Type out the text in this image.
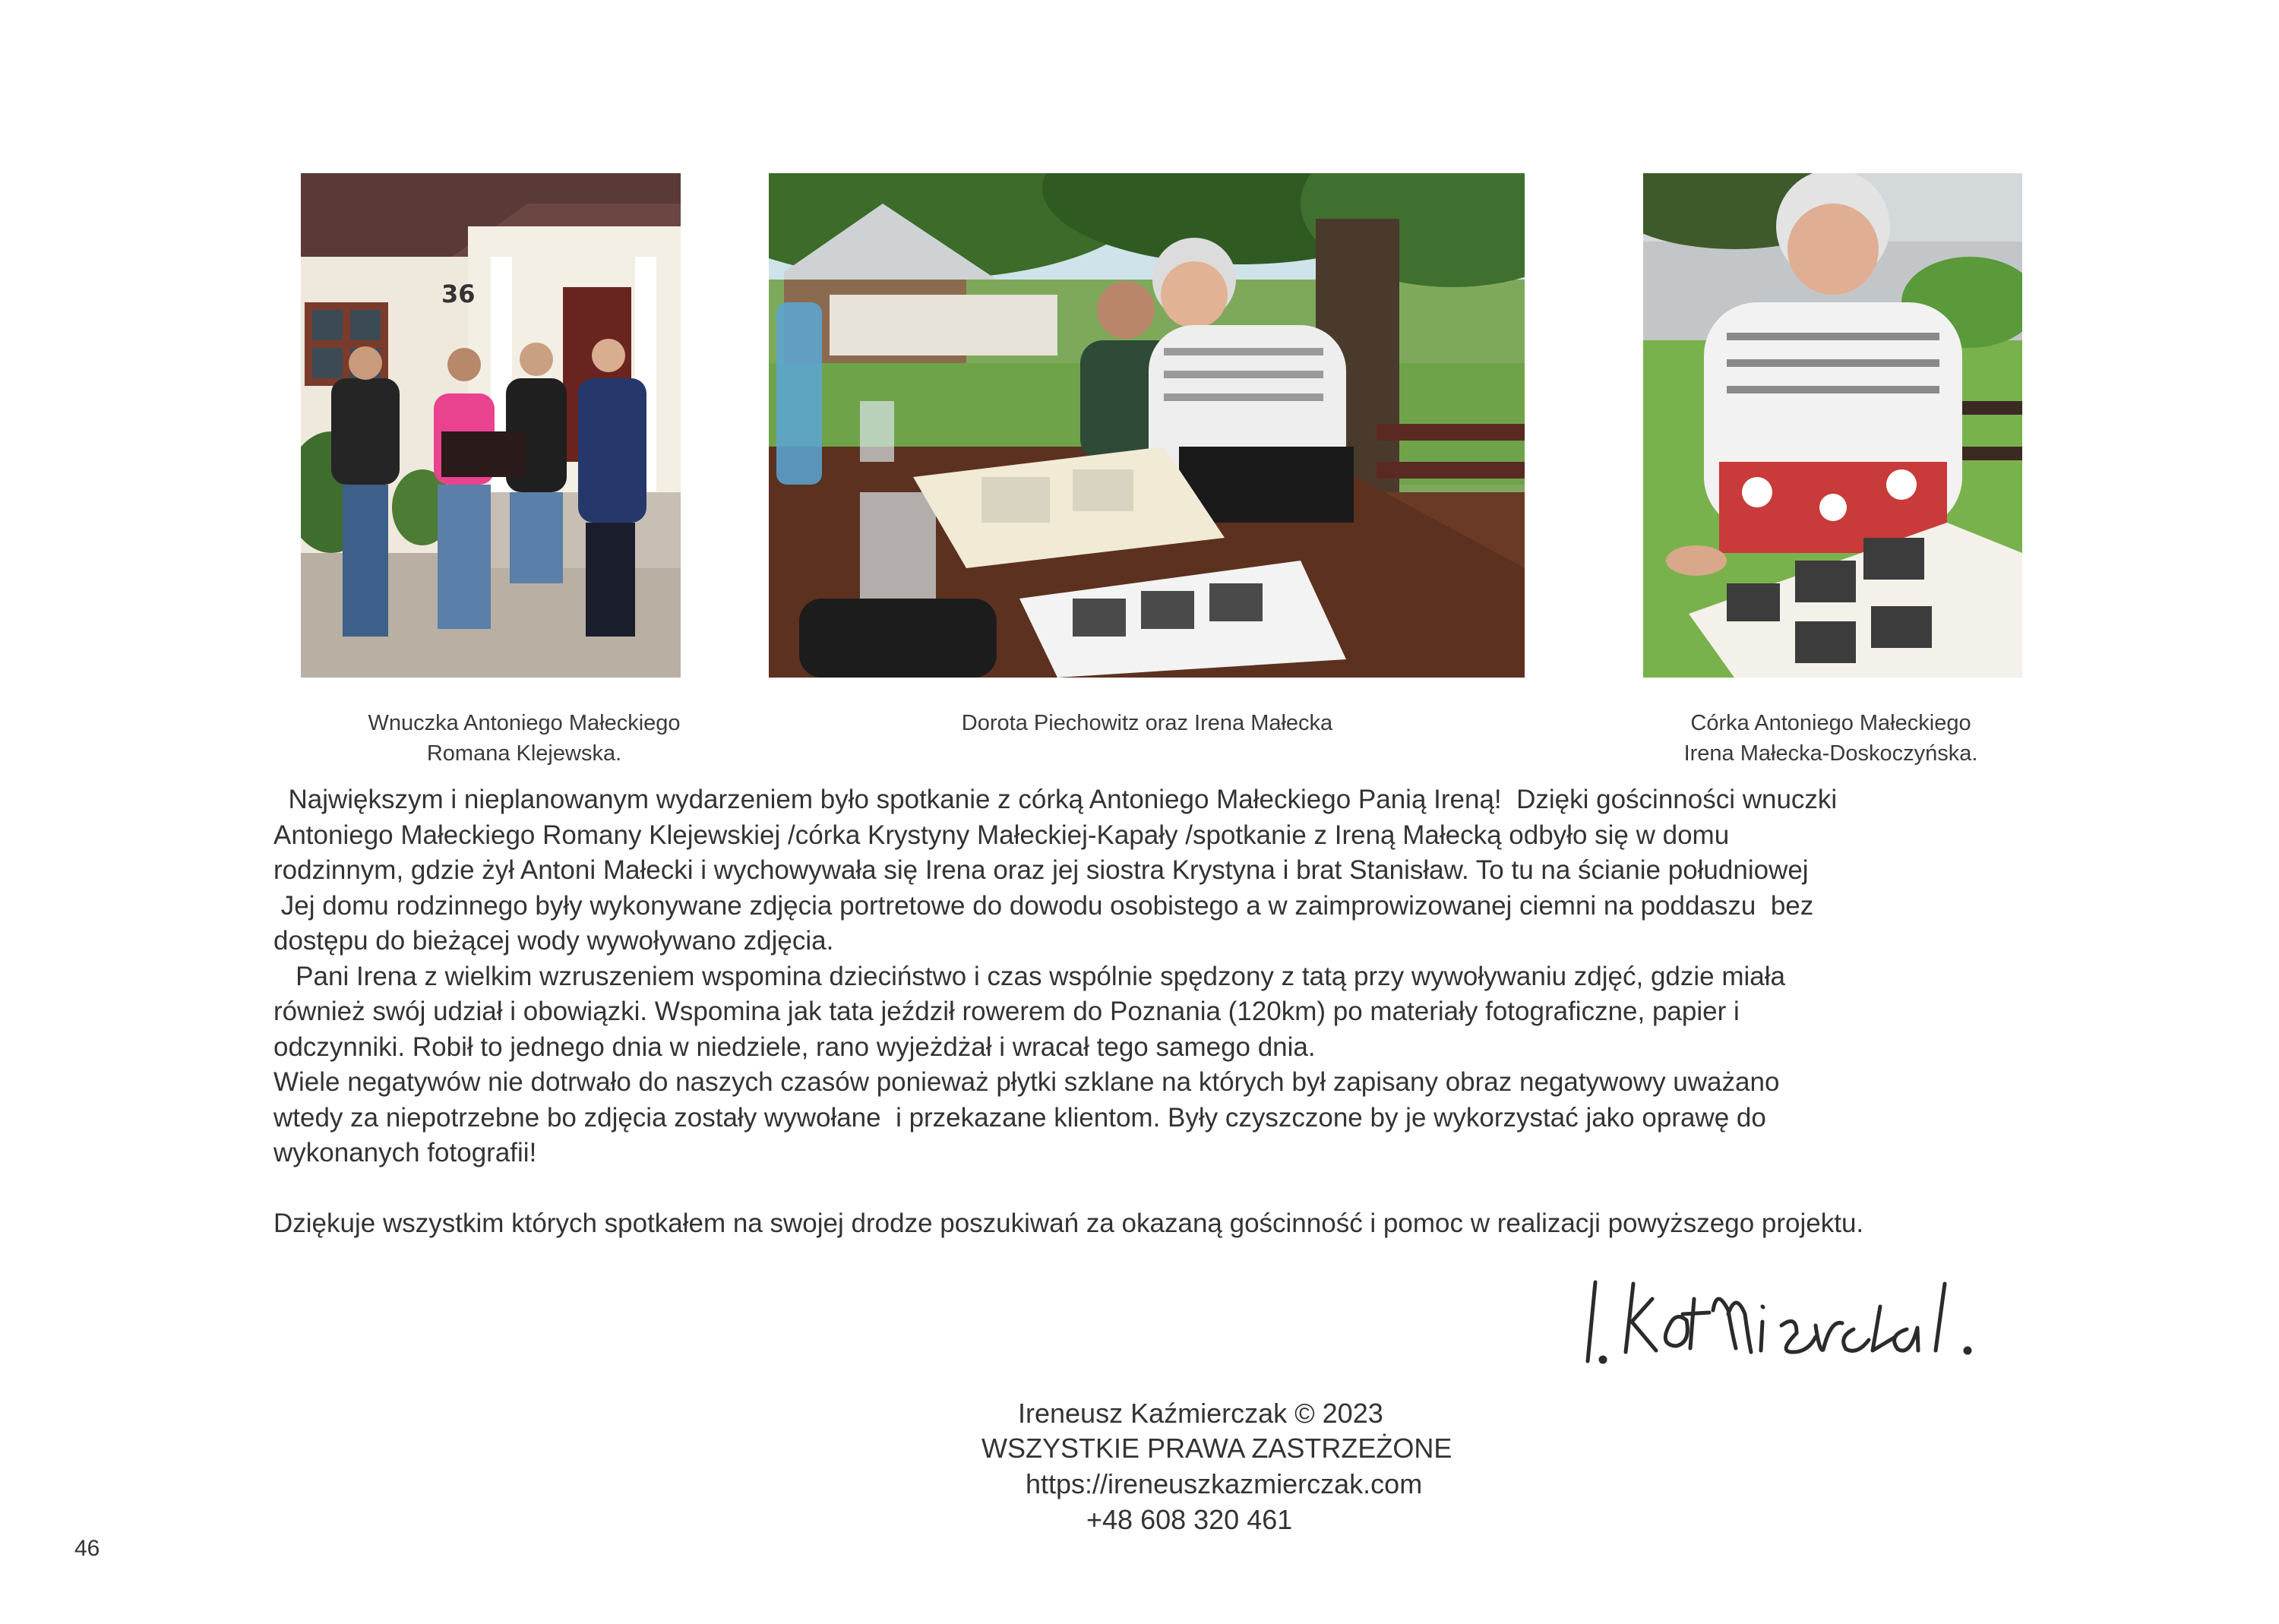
36
Wnuczka Antoniego Małeckiego
Romana Klejewska.
Dorota Piechowitz oraz Irena Małecka	Córka Antoniego Małeckiego
Irena Małecka-Doskoczyńska.
Największym i nieplanowanym wydarzeniem było spotkanie z córką Antoniego Małeckiego Panią Ireną!  Dzięki gościnności wnuczki
Antoniego Małeckiego Romany Klejewskiej /córka Krystyny Małeckiej-Kapały /spotkanie z Ireną Małecką odbyło się w domu
rodzinnym, gdzie żył Antoni Małecki i wychowywała się Irena oraz jej siostra Krystyna i brat Stanisław. To tu na ścianie południowej
Jej domu rodzinnego były wykonywane zdjęcia portretowe do dowodu osobistego a w zaimprowizowanej ciemni na poddaszu  bez
dostępu do bieżącej wody wywoływano zdjęcia.
Pani Irena z wielkim wzruszeniem wspomina dzieciństwo i czas wspólnie spędzony z tatą przy wywoływaniu zdjęć, gdzie miała
również swój udział i obowiązki. Wspomina jak tata jeździł rowerem do Poznania (120km) po materiały fotograficzne, papier i
odczynniki. Robił to jednego dnia w niedziele, rano wyjeżdżał i wracał tego samego dnia.
Wiele negatywów nie dotrwało do naszych czasów ponieważ płytki szklane na których był zapisany obraz negatywowy uważano
wtedy za niepotrzebne bo zdjęcia zostały wywołane  i przekazane klientom. Były czyszczone by je wykorzystać jako oprawę do
wykonanych fotografii!
Dziękuje wszystkim których spotkałem na swojej drodze poszukiwań za okazaną gościnność i pomoc w realizacji powyższego projektu.
Ireneusz Kaźmierczak © 2023
WSZYSTKIE PRAWA ZASTRZEŻONE
https://ireneuszkazmierczak.com
+48 608 320 461
46
